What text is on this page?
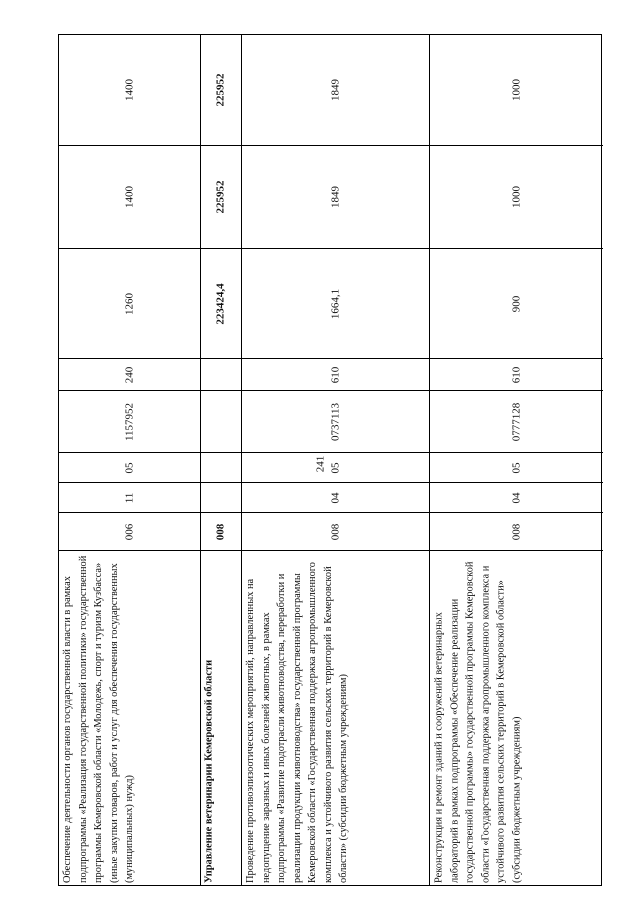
241
1400
1400
1260
240
1157952
05
11
006
Обеспечение деятельности органов государственной власти в рамках подпрограммы «Реализация государственной политики» государственной программы Кемеровской области «Молодежь, спорт и туризм Кузбасса» (иные закупки товаров, работ и услуг для обеспечения государственных (муниципальных) нужд)
225952
225952
223424,4
008
Управление ветеринарии Кемеровской области
1849
1849
1664,1
610
0737113
05
04
008
Проведение противоэпизоотических мероприятий, направленных на недопущение заразных и иных болезней животных, в рамках подпрограммы «Развитие подотрасли животноводства, переработки и реализации продукции животноводства» государственной программы Кемеровской области «Государственная поддержка агропромышленного комплекса и устойчивого развития сельских территорий в Кемеровской области» (субсидии бюджетным учреждениям)
1000
1000
900
610
0777128
05
04
008
Реконструкция и ремонт зданий и сооружений ветеринарных лабораторий в рамках подпрограммы «Обеспечение реализации государственной программы» государственной программы Кемеровской области «Государственная поддержка агропромышленного комплекса и устойчивого развития сельских территорий в Кемеровской области» (субсидии бюджетным учреждениям)
